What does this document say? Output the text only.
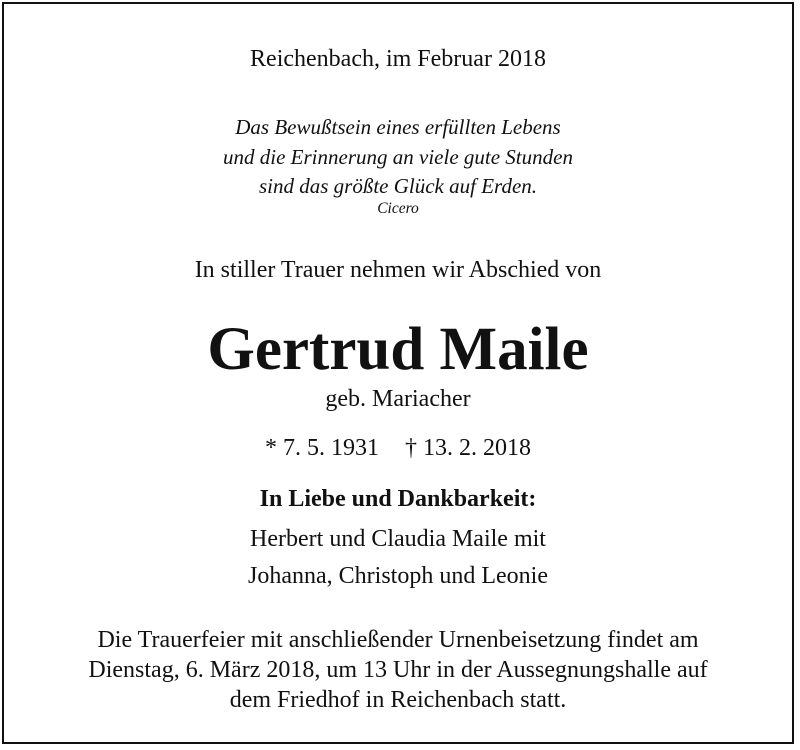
Reichenbach, im Februar 2018

Das Bewußtsein eines erfüllten Lebens
und die Erinnerung an viele gute Stunden
sind das größte Glück auf Erden.

Cicero

In stiller Trauer nehmen wir Abschied von

Gertrud Maile

geb. Mariacher

* 7. 5. 1931 † 13. 2. 2018

In Liebe und Dankbarkeit:

Herbert und Claudia Maile mit
Johanna, Christoph und Leonie
Die Trauerfeier mit anschließender Urnenbeisetzung findet am
Dienstag, 6. März 2018, um 13 Uhr in der Aussegnungshalle auf
dem Friedhof in Reichenbach statt.
